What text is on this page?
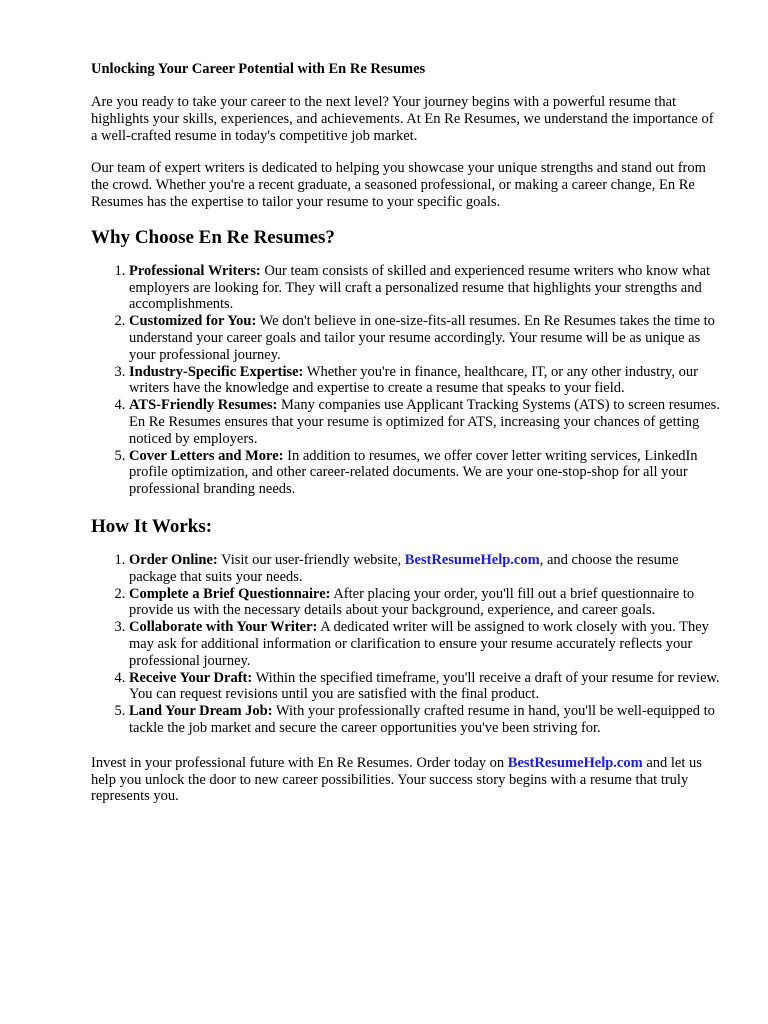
Unlocking Your Career Potential with En Re Resumes

Are you ready to take your career to the next level? Your journey begins with a powerful resume that highlights your skills, experiences, and achievements. At En Re Resumes, we understand the importance of a well-crafted resume in today's competitive job market.

Our team of expert writers is dedicated to helping you showcase your unique strengths and stand out from the crowd. Whether you're a recent graduate, a seasoned professional, or making a career change, En Re Resumes has the expertise to tailor your resume to your specific goals.

Why Choose En Re Resumes?
1. Professional Writers: Our team consists of skilled and experienced resume writers who know what employers are looking for. They will craft a personalized resume that highlights your strengths and accomplishments.
2. Customized for You: We don't believe in one-size-fits-all resumes. En Re Resumes takes the time to understand your career goals and tailor your resume accordingly. Your resume will be as unique as your professional journey.
3. Industry-Specific Expertise: Whether you're in finance, healthcare, IT, or any other industry, our writers have the knowledge and expertise to create a resume that speaks to your field.
4. ATS-Friendly Resumes: Many companies use Applicant Tracking Systems (ATS) to screen resumes. En Re Resumes ensures that your resume is optimized for ATS, increasing your chances of getting noticed by employers.
5. Cover Letters and More: In addition to resumes, we offer cover letter writing services, LinkedIn profile optimization, and other career-related documents. We are your one-stop-shop for all your professional branding needs.
How It Works:
1. Order Online: Visit our user-friendly website, BestResumeHelp.com, and choose the resume package that suits your needs.
2. Complete a Brief Questionnaire: After placing your order, you'll fill out a brief questionnaire to provide us with the necessary details about your background, experience, and career goals.
3. Collaborate with Your Writer: A dedicated writer will be assigned to work closely with you. They may ask for additional information or clarification to ensure your resume accurately reflects your professional journey.
4. Receive Your Draft: Within the specified timeframe, you'll receive a draft of your resume for review. You can request revisions until you are satisfied with the final product.
5. Land Your Dream Job: With your professionally crafted resume in hand, you'll be well-equipped to tackle the job market and secure the career opportunities you've been striving for.

Invest in your professional future with En Re Resumes. Order today on BestResumeHelp.com and let us help you unlock the door to new career possibilities. Your success story begins with a resume that truly represents you.
